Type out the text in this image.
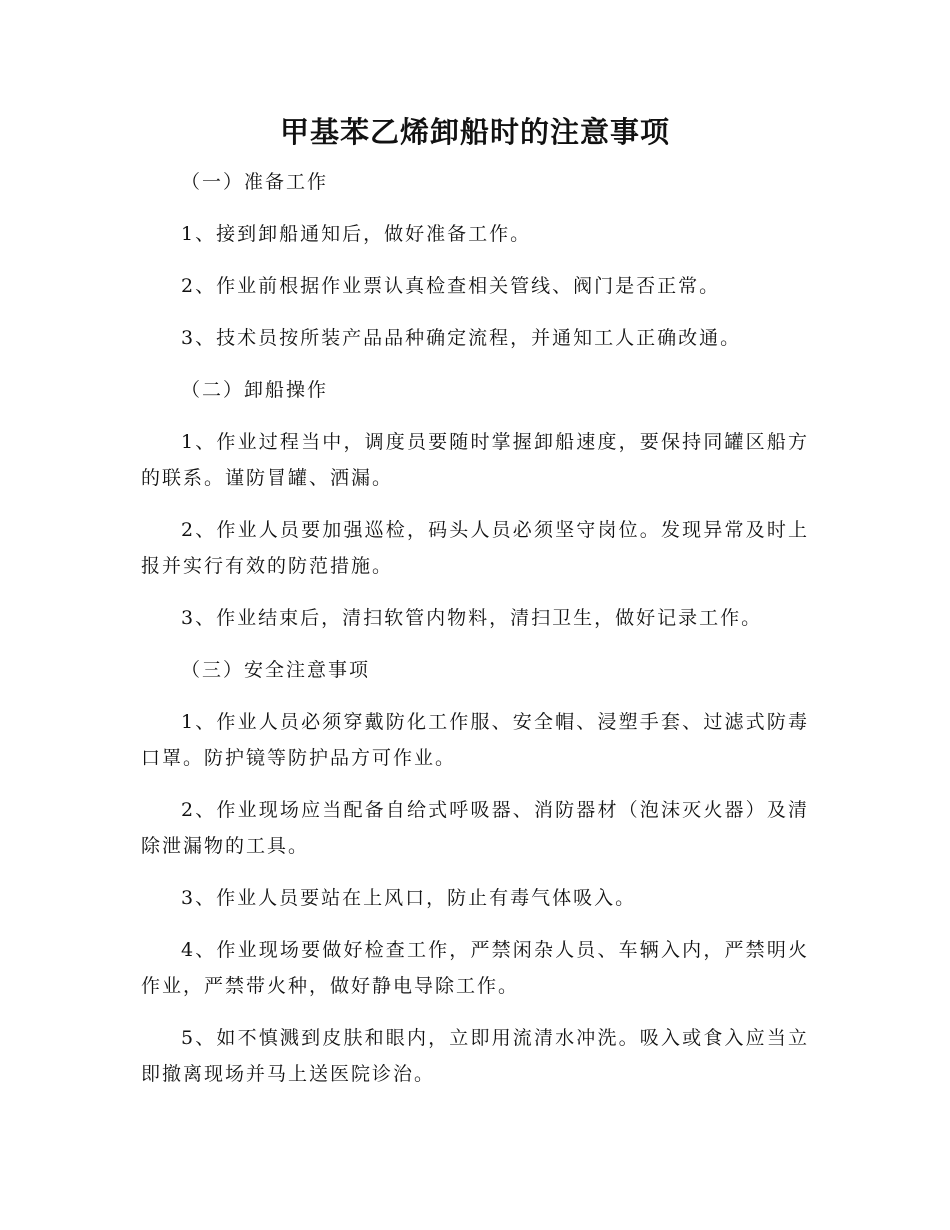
甲基苯乙烯卸船时的注意事项

（一）准备工作

1、接到卸船通知后，做好准备工作。

2、作业前根据作业票认真检查相关管线、阀门是否正常。

3、技术员按所装产品品种确定流程，并通知工人正确改通。

（二）卸船操作

1、作业过程当中，调度员要随时掌握卸船速度，要保持同罐区船方的联系。谨防冒罐、洒漏。

2、作业人员要加强巡检，码头人员必须坚守岗位。发现异常及时上报并实行有效的防范措施。

3、作业结束后，清扫软管内物料，清扫卫生，做好记录工作。

（三）安全注意事项

1、作业人员必须穿戴防化工作服、安全帽、浸塑手套、过滤式防毒口罩。防护镜等防护品方可作业。

2、作业现场应当配备自给式呼吸器、消防器材（泡沫灭火器）及清除泄漏物的工具。

3、作业人员要站在上风口，防止有毒气体吸入。

4、作业现场要做好检查工作，严禁闲杂人员、车辆入内，严禁明火作业，严禁带火种，做好静电导除工作。

5、如不慎溅到皮肤和眼内，立即用流清水冲洗。吸入或食入应当立即撤离现场并马上送医院诊治。
